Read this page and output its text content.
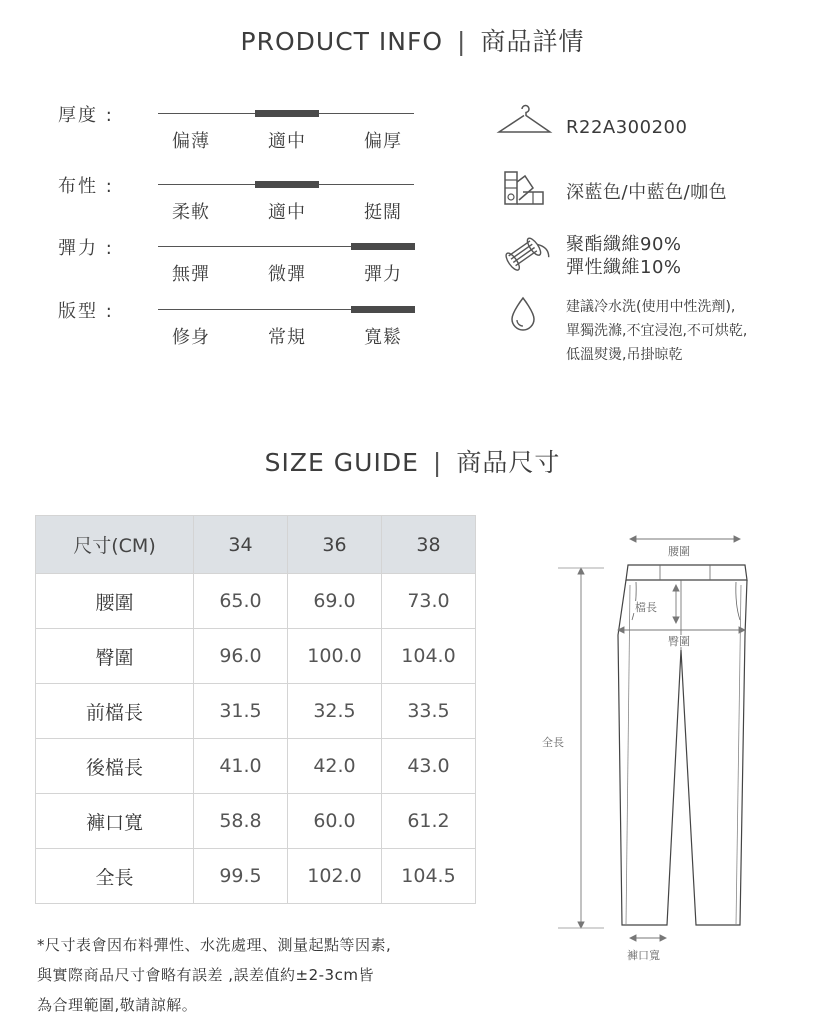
PRODUCT INFO | 商品詳情
厚度 :
偏薄	適中	偏厚
布性 :
柔軟	適中	挺闊
彈力 :
無彈	微彈	彈力
版型 :
修身	常規	寬鬆
R22A300200
深藍色/中藍色/咖色
聚酯纖維90%
彈性纖維10%
建議冷水洗(使用中性洗劑),
單獨洗滌,不宜浸泡,不可烘乾,
低溫熨燙,吊掛晾乾
SIZE GUIDE | 商品尺寸
尺寸(CM)	34	36	38
腰圍	65.0	69.0	73.0
臀圍	96.0	100.0	104.0
前檔長	31.5	32.5	33.5
後檔長	41.0	42.0	43.0
褲口寬	58.8	60.0	61.2
全長	99.5	102.0	104.5
*尺寸表會因布料彈性、水洗處理、測量起點等因素,
與實際商品尺寸會略有誤差 ,誤差值約±2-3cm皆
為合理範圍,敬請諒解。
腰圍
檔長
臀圍
全長
褲口寬
